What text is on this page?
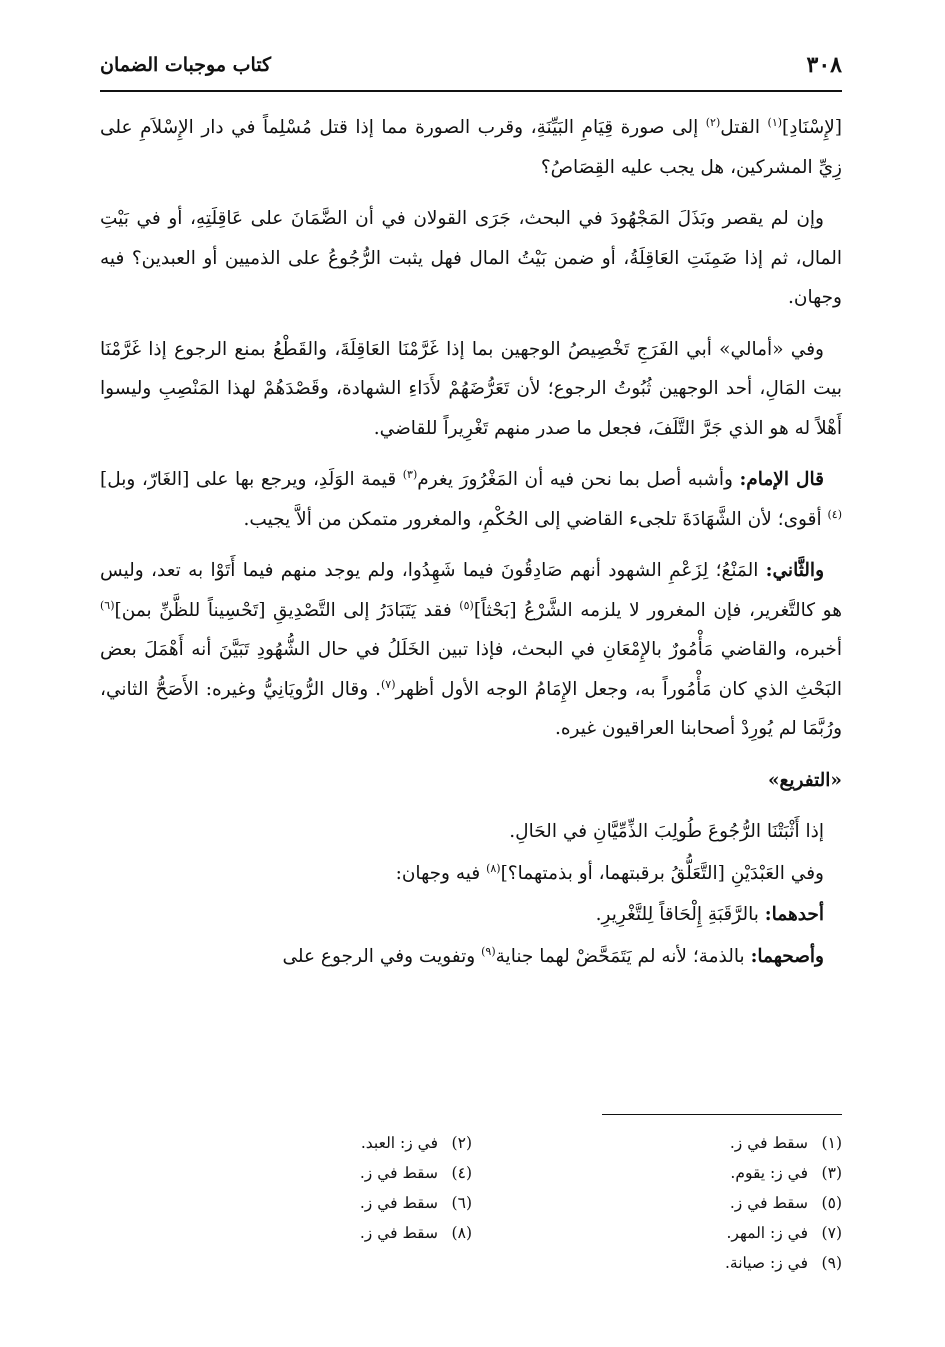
٣٠٨
كتاب موجبات الضمان

[لإِسْنَادِ]$^{(١)}$ القتل$^{(٢)}$ إلى صورة قِيَامِ البَيِّنَةِ، وقرب الصورة مما إذا قتل مُسْلِماً في دار الإِسْلاَمِ على زِيِّ المشركين، هل يجب عليه القِصَاصُ؟

وإن لم يقصر وبَذَلَ المَجْهُودَ في البحث، جَرَى القولان في أن الضَّمَانَ على عَاقِلَتِهِ، أو في بَيْتِ المال، ثم إذا ضَمِنَتِ العَاقِلَةُ، أو ضمن بَيْتُ المال فهل يثبت الرُّجُوعُ على الذميين أو العبدين؟ فيه وجهان.

وفي «أمالي» أبي الفَرَجِ تَخْصِيصُ الوجهين بما إذا غَرَّمْنَا العَاقِلَةَ، والقَطْعُ بمنع الرجوع إذا غَرَّمْنَا بيت المَالِ، أحد الوجهين ثُبُوتُ الرجوع؛ لأن تَعَرُّضَهُمْ لأَدَاءِ الشهادة، وقَصْدَهُمْ لهذا المَنْصِبِ وليسوا أَهْلاً له هو الذي جَرَّ التَّلَفَ، فجعل ما صدر منهم تَغْرِيراً للقاضي.

قال الإمام: وأشبه أصل بما نحن فيه أن المَغْرُورَ يغرم$^{(٣)}$ قيمة الوَلَدِ، ويرجع بها على [الغَارّ، وبل]$^{(٤)}$ أقوى؛ لأن الشَّهَادَةَ تلجىء القاضي إلى الحُكْمِ، والمغرور متمكن من ألاَّ يجيب.

والثَّاني: المَنْعُ؛ لِزَعْمِ الشهود أنهم صَادِقُونَ فيما شَهِدُوا، ولم يوجد منهم فيما أَتَوْا به تعد، وليس هو كالتَّغرير، فإن المغرور لا يلزمه الشَّرْعُ [بَحْثاً]$^{(٥)}$ فقد يَتَبَادَرُ إلى التَّصْدِيقِ [تَحْسِيناً للظَّنِّ بمن]$^{(٦)}$ أخبره، والقاضي مَأْمُورٌ بالإِمْعَانِ في البحث، فإذا تبين الخَلَلُ في حال الشُّهُودِ تَبَيَّنَ أنه أَهْمَلَ بعض البَحْثِ الذي كان مَأْمُوراً به، وجعل الإِمَامُ الوجه الأول أظهر$^{(٧)}$. وقال الرُّويَانِيُّ وغيره: الأَصَحُّ الثاني، ورُبَّمَا لم يُورِدْ أصحابنا العراقيون غيره.

«التفريع»

إذا أَثْبَتْنَا الرُّجُوعَ طُولِبَ الذِّمِّيَّانِ في الحَالِ.

وفي العَبْدَيْنِ [التَّعَلُّقُ برقبتهما، أو بذمتهما؟]$^{(٨)}$ فيه وجهان:

أحدهما: بالرَّقَبَةِ إِلْحَاقاً لِلتَّغْرِيرِ.

وأصحهما: بالذمة؛ لأنه لم يَتَمَحَّضْ لهما جناية$^{(٩)}$ وتفويت وفي الرجوع على

(١)سقط في ز.
(٢)في ز: العبد.
(٣)في ز: يقوم.
(٤)سقط في ز.
(٥)سقط في ز.
(٦)سقط في ز.
(٧)في ز: المهر.
(٨)سقط في ز.
(٩)في ز: صيانة.
